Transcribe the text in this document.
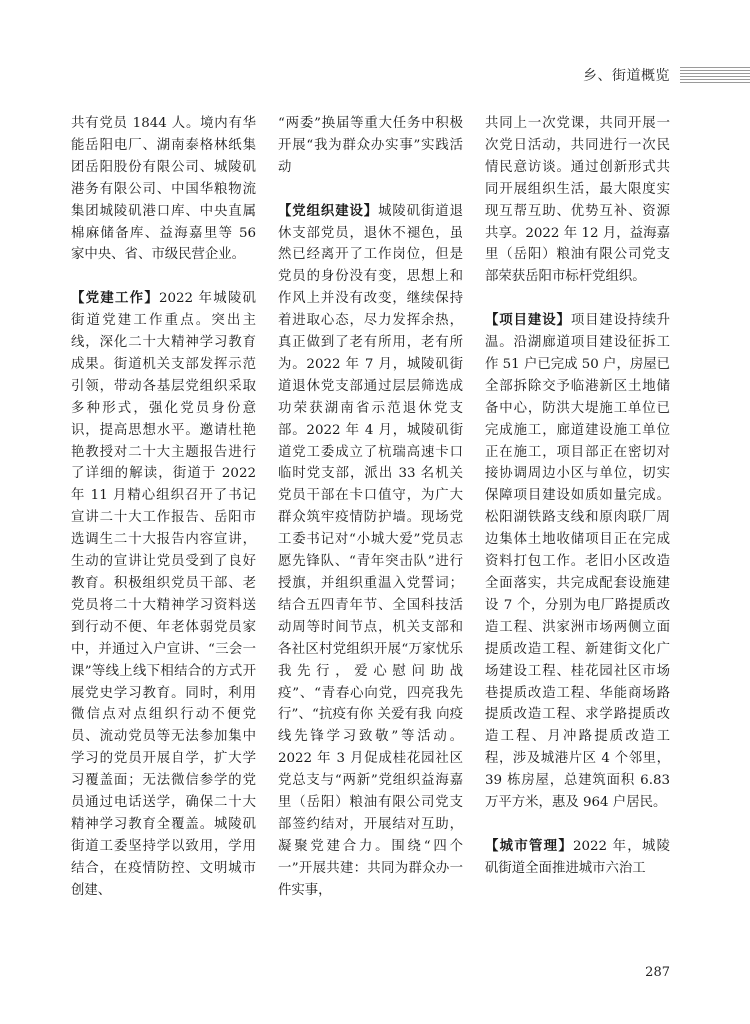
乡、街道概览

共有党员 1844 人。境内有华能岳阳电厂、湖南泰格林纸集团岳阳股份有限公司、城陵矶港务有限公司、中国华粮物流集团城陵矶港口库、中央直属棉麻储备库、益海嘉里等 56 家中央、省、市级民营企业。

【党建工作】2022 年城陵矶街道党建工作重点。突出主线，深化二十大精神学习教育成果。街道机关支部发挥示范引领，带动各基层党组织采取多种形式，强化党员身份意识，提高思想水平。邀请杜艳艳教授对二十大主题报告进行了详细的解读，街道于 2022 年 11 月精心组织召开了书记宣讲二十大工作报告、岳阳市选调生二十大报告内容宣讲，生动的宣讲让党员受到了良好教育。积极组织党员干部、老党员将二十大精神学习资料送到行动不便、年老体弱党员家中，并通过入户宣讲、“三会一课”等线上线下相结合的方式开展党史学习教育。同时，利用微信点对点组织行动不便党员、流动党员等无法参加集中学习的党员开展自学，扩大学习覆盖面；无法微信参学的党员通过电话送学，确保二十大精神学习教育全覆盖。城陵矶街道工委坚持学以致用，学用结合，在疫情防控、文明城市创建、

“两委”换届等重大任务中积极开展“我为群众办实事”实践活动

【党组织建设】城陵矶街道退休支部党员，退休不褪色，虽然已经离开了工作岗位，但是党员的身份没有变，思想上和作风上并没有改变，继续保持着进取心态，尽力发挥余热，真正做到了老有所用，老有所为。2022 年 7 月，城陵矶街道退休党支部通过层层筛选成功荣获湖南省示范退休党支部。2022 年 4 月，城陵矶街道党工委成立了杭瑞高速卡口临时党支部，派出 33 名机关党员干部在卡口值守，为广大群众筑牢疫情防护墙。现场党工委书记对“小城大爱”党员志愿先锋队、“青年突击队”进行授旗，并组织重温入党誓词；结合五四青年节、全国科技活动周等时间节点，机关支部和各社区村党组织开展“万家忧乐我先行，爱心慰问助战疫”、“青春心向党，四亮我先行”、“抗疫有你 关爱有我 向疫线先锋学习致敬”等活动。2022 年 3 月促成桂花园社区党总支与“两新”党组织益海嘉里（岳阳）粮油有限公司党支部签约结对，开展结对互助，凝聚党建合力。围绕“四个一”开展共建：共同为群众办一件实事，

共同上一次党课，共同开展一次党日活动，共同进行一次民情民意访谈。通过创新形式共同开展组织生活，最大限度实现互帮互助、优势互补、资源共享。2022 年 12 月，益海嘉里（岳阳）粮油有限公司党支部荣获岳阳市标杆党组织。

【项目建设】项目建设持续升温。沿湖廊道项目建设征拆工作 51 户已完成 50 户，房屋已全部拆除交予临港新区土地储备中心，防洪大堤施工单位已完成施工，廊道建设施工单位正在施工，项目部正在密切对接协调周边小区与单位，切实保障项目建设如质如量完成。松阳湖铁路支线和原肉联厂周边集体土地收储项目正在完成资料打包工作。老旧小区改造全面落实，共完成配套设施建设 7 个，分别为电厂路提质改造工程、洪家洲市场两侧立面提质改造工程、新建街文化广场建设工程、桂花园社区市场巷提质改造工程、华能商场路提质改造工程、求学路提质改造工程、月冲路提质改造工程，涉及城港片区 4 个邻里，39 栋房屋，总建筑面积 6.83 万平方米，惠及 964 户居民。

【城市管理】2022 年，城陵矶街道全面推进城市六治工

287
